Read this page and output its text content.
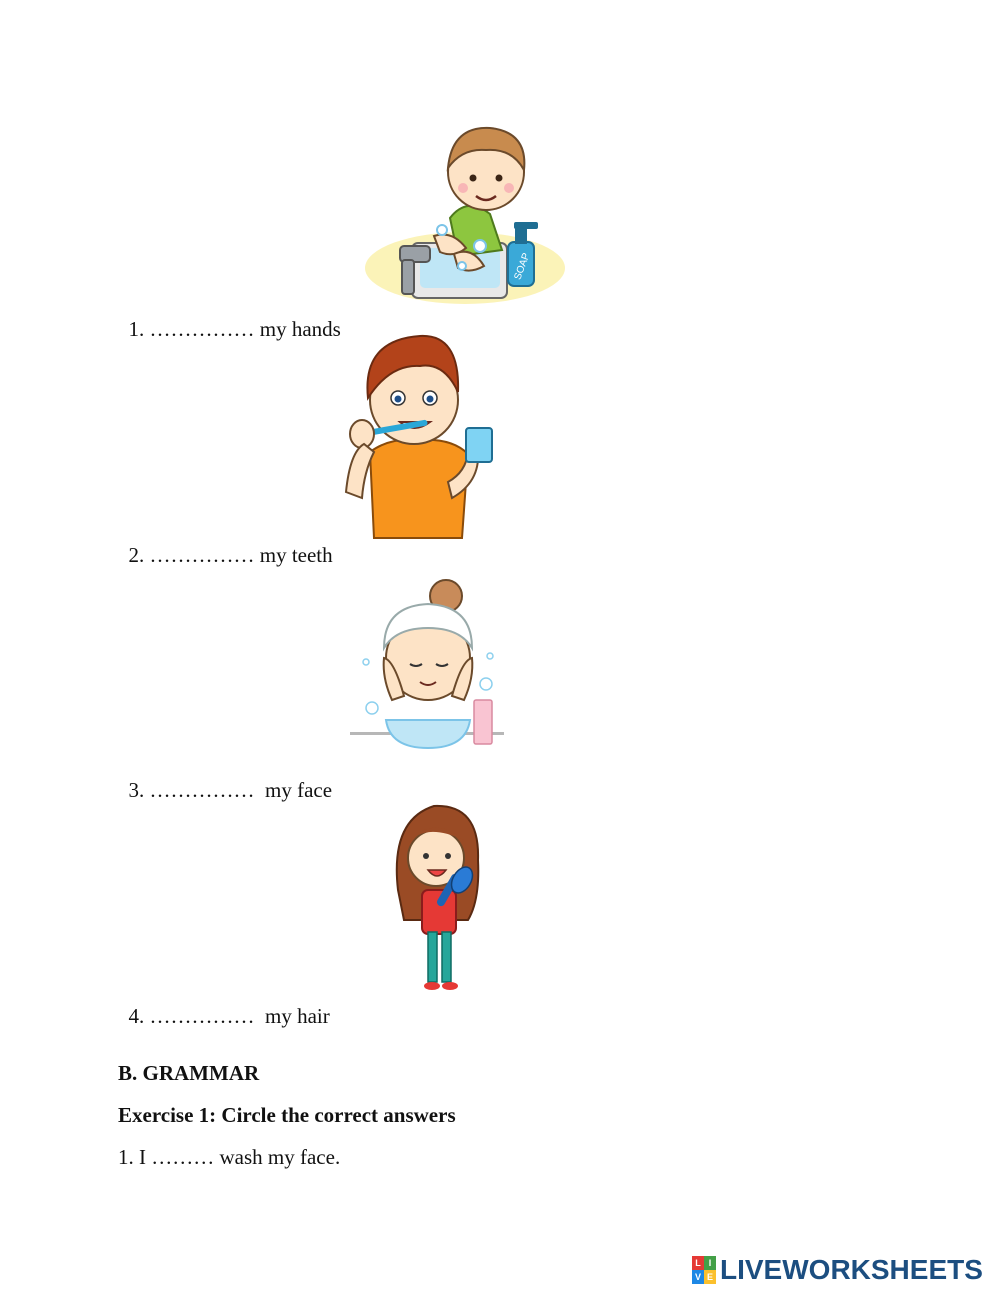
SOAP

1. …………… my hands

2. …………… my teeth

3. ……………  my face

4. ……………  my hair

B. GRAMMAR
Exercise 1: Circle the correct answers
1. I ……… wash my face.
L I
V E LIVEWORKSHEETS
